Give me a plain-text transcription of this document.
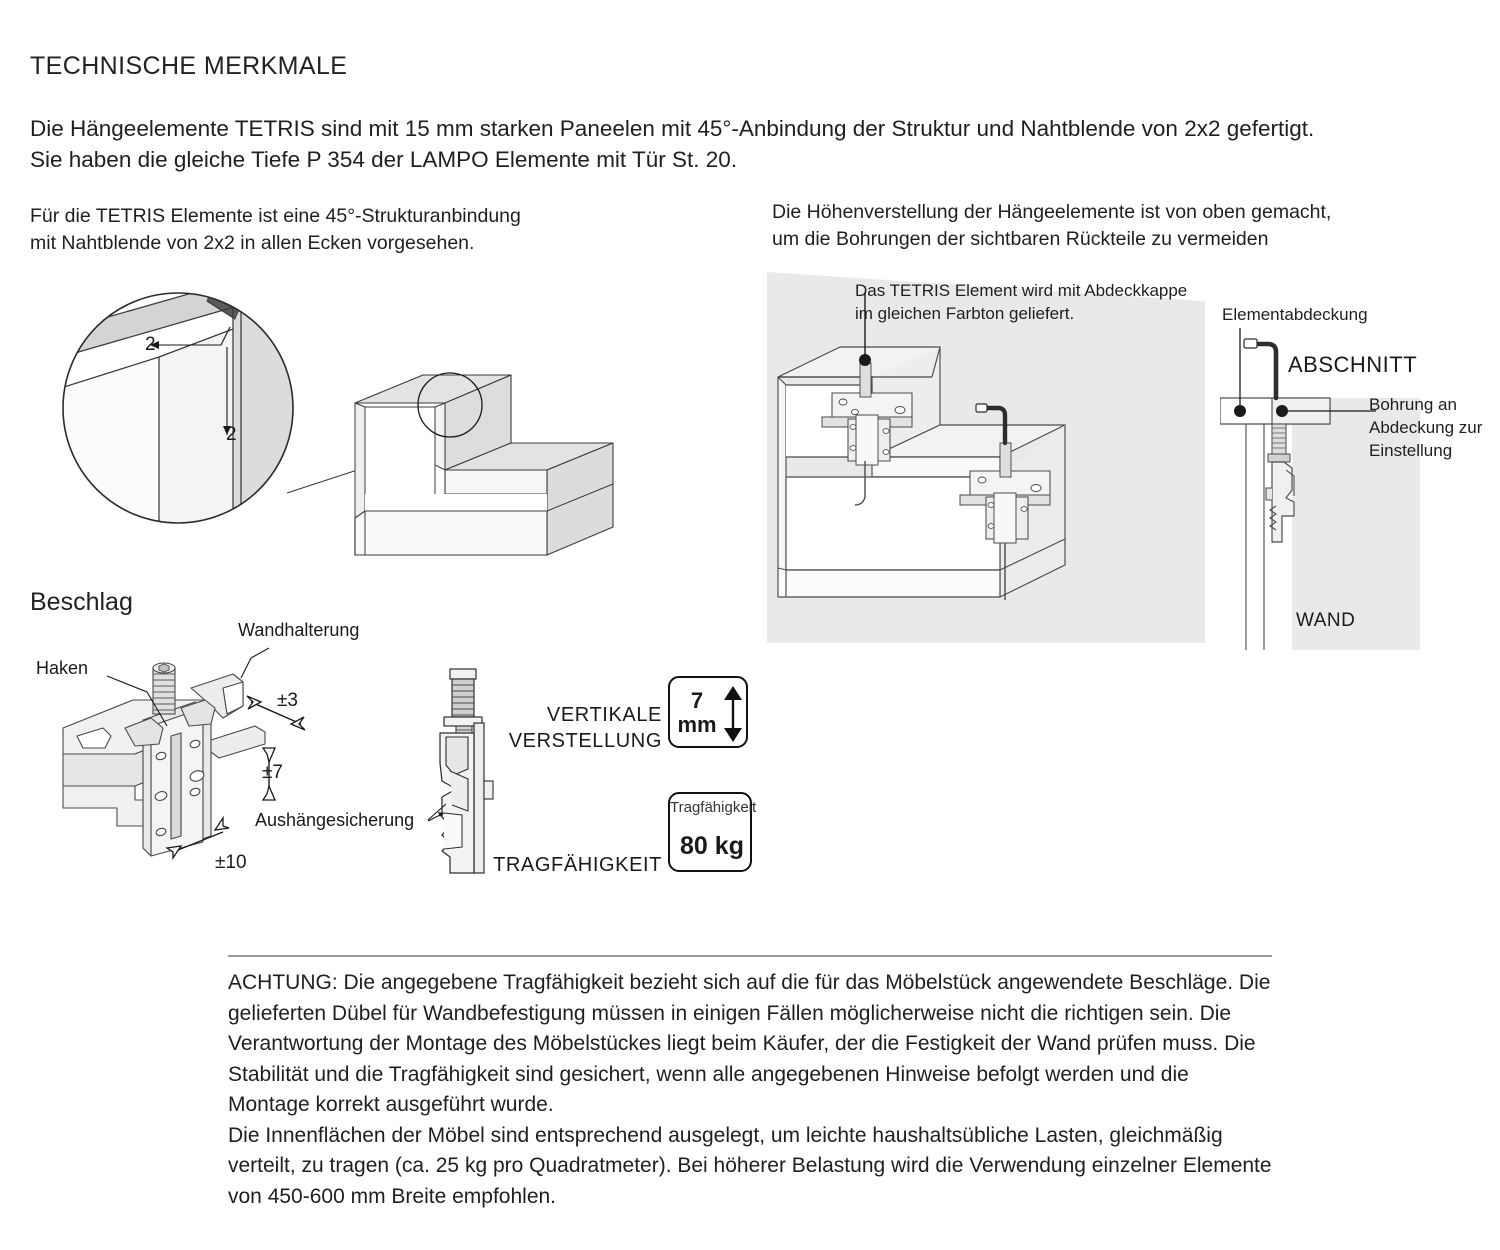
TECHNISCHE MERKMALE
Die Hängeelemente TETRIS sind mit 15 mm starken Paneelen mit 45°-Anbindung der Struktur und Nahtblende von 2x2 gefertigt.
Sie haben die gleiche Tiefe P 354 der LAMPO Elemente mit Tür St. 20.
Für die TETRIS Elemente ist eine 45°-Strukturanbindung
mit Nahtblende von 2x2 in allen Ecken vorgesehen.
Die Höhenverstellung der Hängeelemente ist von oben gemacht,
um die Bohrungen der sichtbaren Rückteile zu vermeiden
2
2
Das TETRIS Element wird mit Abdeckkappe
im gleichen Farbton geliefert.	Elementabdeckung
ABSCHNITT
Bohrung an
Abdeckung zur
Einstellung
WAND
Beschlag
Haken
Wandhalterung
Aushängesicherung
±3
±7
±10
VERTIKALE
VERSTELLUNG
7
mm
TRAGFÄHIGKEIT
Tragfähigkeit
80 kg

ACHTUNG: Die angegebene Tragfähigkeit bezieht sich auf die für das Möbelstück angewendete Beschläge. Die gelieferten Dübel für Wandbefestigung müssen in einigen Fällen möglicherweise nicht die richtigen sein. Die Verantwortung der Montage des Möbelstückes liegt beim Käufer, der die Festigkeit der Wand prüfen muss. Die Stabilität und die Tragfähigkeit sind gesichert, wenn alle angegebenen Hinweise befolgt werden und die Montage korrekt ausgeführt wurde.

Die Innenflächen der Möbel sind entsprechend ausgelegt, um leichte haushaltsübliche Lasten, gleichmäßig verteilt, zu tragen (ca. 25 kg pro Quadratmeter). Bei höherer Belastung wird die Verwendung einzelner Elemente von 450-600 mm Breite empfohlen.
